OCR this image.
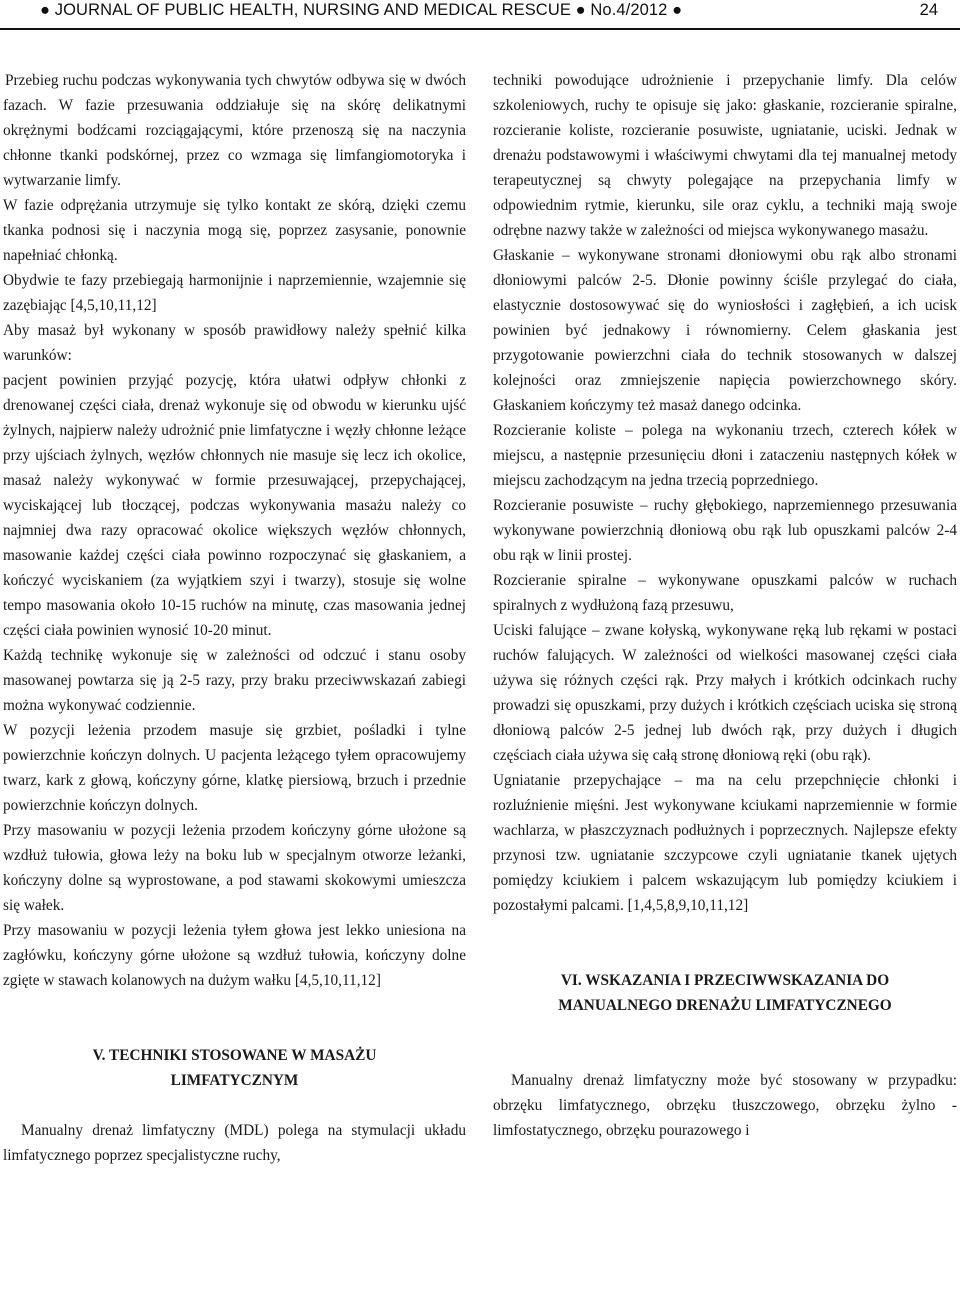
● JOURNAL OF PUBLIC HEALTH, NURSING AND MEDICAL RESCUE ● No.4/2012 ●	24

Przebieg ruchu podczas wykonywania tych chwytów odbywa się w dwóch fazach. W fazie przesuwania oddziałuje się na skórę delikatnymi okrężnymi bodźcami rozciągającymi, które przenoszą się na naczynia chłonne tkanki podskórnej, przez co wzmaga się limfangiomotoryka i wytwarzanie limfy.

W fazie odprężania utrzymuje się tylko kontakt ze skórą, dzięki czemu tkanka podnosi się i naczynia mogą się, poprzez zasysanie, ponownie napełniać chłonką.

Obydwie te fazy przebiegają harmonijnie i naprzemiennie, wzajemnie się zazębiając [4,5,10,11,12]

Aby masaż był wykonany w sposób prawidłowy należy spełnić kilka warunków:

pacjent powinien przyjąć pozycję, która ułatwi odpływ chłonki z drenowanej części ciała, drenaż wykonuje się od obwodu w kierunku ujść żylnych, najpierw należy udrożnić pnie limfatyczne i węzły chłonne leżące przy ujściach żylnych, węzłów chłonnych nie masuje się lecz ich okolice, masaż należy wykonywać w formie przesuwającej, przepychającej, wyciskającej lub tłoczącej, podczas wykonywania masażu należy co najmniej dwa razy opracować okolice większych węzłów chłonnych, masowanie każdej części ciała powinno rozpoczynać się głaskaniem, a kończyć wyciskaniem (za wyjątkiem szyi i twarzy), stosuje się wolne tempo masowania około 10-15 ruchów na minutę, czas masowania jednej części ciała powinien wynosić 10-20 minut.

Każdą technikę wykonuje się w zależności od odczuć i stanu osoby masowanej powtarza się ją 2-5 razy, przy braku przeciwwskazań zabiegi można wykonywać codziennie.

W pozycji leżenia przodem masuje się grzbiet, pośladki i tylne powierzchnie kończyn dolnych. U pacjenta leżącego tyłem opracowujemy twarz, kark z głową, kończyny górne, klatkę piersiową, brzuch i przednie powierzchnie kończyn dolnych.

Przy masowaniu w pozycji leżenia przodem kończyny górne ułożone są wzdłuż tułowia, głowa leży na boku lub w specjalnym otworze leżanki, kończyny dolne są wyprostowane, a pod stawami skokowymi umieszcza się wałek.

Przy masowaniu w pozycji leżenia tyłem głowa jest lekko uniesiona na zagłówku, kończyny górne ułożone są wzdłuż tułowia, kończyny dolne zgięte w stawach kolanowych na dużym wałku [4,5,10,11,12]

V. TECHNIKI STOSOWANE W MASAŻU
LIMFATYCZNYM

Manualny drenaż limfatyczny (MDL) polega na stymulacji układu limfatycznego poprzez specjalistyczne ruchy,

techniki powodujące udrożnienie i przepychanie limfy. Dla celów szkoleniowych, ruchy te opisuje się jako: głaskanie, rozcieranie spiralne, rozcieranie koliste, rozcieranie posuwiste, ugniatanie, uciski. Jednak w drenażu podstawowymi i właściwymi chwytami dla tej manualnej metody terapeutycznej są chwyty polegające na przepychania limfy w odpowiednim rytmie, kierunku, sile oraz cyklu, a techniki mają swoje odrębne nazwy także w zależności od miejsca wykonywanego masażu.

Głaskanie – wykonywane stronami dłoniowymi obu rąk albo stronami dłoniowymi palców 2-5. Dłonie powinny ściśle przylegać do ciała, elastycznie dostosowywać się do wyniosłości i zagłębień, a ich ucisk powinien być jednakowy i równomierny. Celem głaskania jest przygotowanie powierzchni ciała do technik stosowanych w dalszej kolejności oraz zmniejszenie napięcia powierzchownego skóry. Głaskaniem kończymy też masaż danego odcinka.

Rozcieranie koliste – polega na wykonaniu trzech, czterech kółek w miejscu, a następnie przesunięciu dłoni i zataczeniu następnych kółek w miejscu zachodzącym na jedna trzecią poprzedniego.

Rozcieranie posuwiste – ruchy głębokiego, naprzemiennego przesuwania wykonywane powierzchnią dłoniową obu rąk lub opuszkami palców 2-4 obu rąk w linii prostej.

Rozcieranie spiralne – wykonywane opuszkami palców w ruchach spiralnych z wydłużoną fazą przesuwu,

Uciski falujące – zwane kołyską, wykonywane ręką lub rękami w postaci ruchów falujących. W zależności od wielkości masowanej części ciała używa się różnych części rąk. Przy małych i krótkich odcinkach ruchy prowadzi się opuszkami, przy dużych i krótkich częściach uciska się stroną dłoniową palców 2-5 jednej lub dwóch rąk, przy dużych i długich częściach ciała używa się całą stronę dłoniową ręki (obu rąk).

Ugniatanie przepychające – ma na celu przepchnięcie chłonki i rozluźnienie mięśni. Jest wykonywane kciukami naprzemiennie w formie wachlarza, w płaszczyznach podłużnych i poprzecznych. Najlepsze efekty przynosi tzw. ugniatanie szczypcowe czyli ugniatanie tkanek ujętych pomiędzy kciukiem i palcem wskazującym lub pomiędzy kciukiem i pozostałymi palcami. [1,4,5,8,9,10,11,12]

VI. WSKAZANIA I PRZECIWWSKAZANIA DO
MANUALNEGO DRENAŻU LIMFATYCZNEGO

Manualny drenaż limfatyczny może być stosowany w przypadku: obrzęku limfatycznego, obrzęku tłuszczowego, obrzęku żylno - limfostatycznego, obrzęku pourazowego i
